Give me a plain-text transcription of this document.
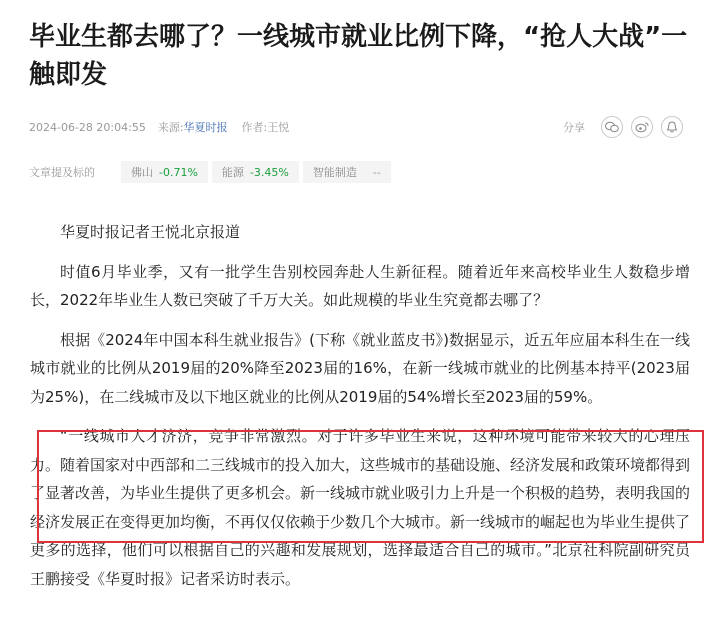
毕业生都去哪了？一线城市就业比例下降，“抢人大战”一触即发
2024-06-28 20:04:55 来源: 华夏时报 作者: 王悦	分享
文章提及标的	佛山 -0.71% 能源 -3.45% 智能制造 --

华夏时报记者王悦北京报道

时值6月毕业季，又有一批学生告别校园奔赴人生新征程。随着近年来高校毕业生人数稳步增长，2022年毕业生人数已突破了千万大关。如此规模的毕业生究竟都去哪了？

根据《2024年中国本科生就业报告》(下称《就业蓝皮书》)数据显示，近五年应届本科生在一线城市就业的比例从2019届的20%降至2023届的16%，在新一线城市就业的比例基本持平(2023届为25%)，在二线城市及以下地区就业的比例从2019届的54%增长至2023届的59%。

“一线城市人才济济，竞争非常激烈。对于许多毕业生来说，这种环境可能带来较大的心理压力。随着国家对中西部和二三线城市的投入加大，这些城市的基础设施、经济发展和政策环境都得到了显著改善，为毕业生提供了更多机会。新一线城市就业吸引力上升是一个积极的趋势，表明我国的经济发展正在变得更加均衡，不再仅仅依赖于少数几个大城市。新一线城市的崛起也为毕业生提供了更多的选择，他们可以根据自己的兴趣和发展规划，选择最适合自己的城市。”北京社科院副研究员王鹏接受《华夏时报》记者采访时表示。
